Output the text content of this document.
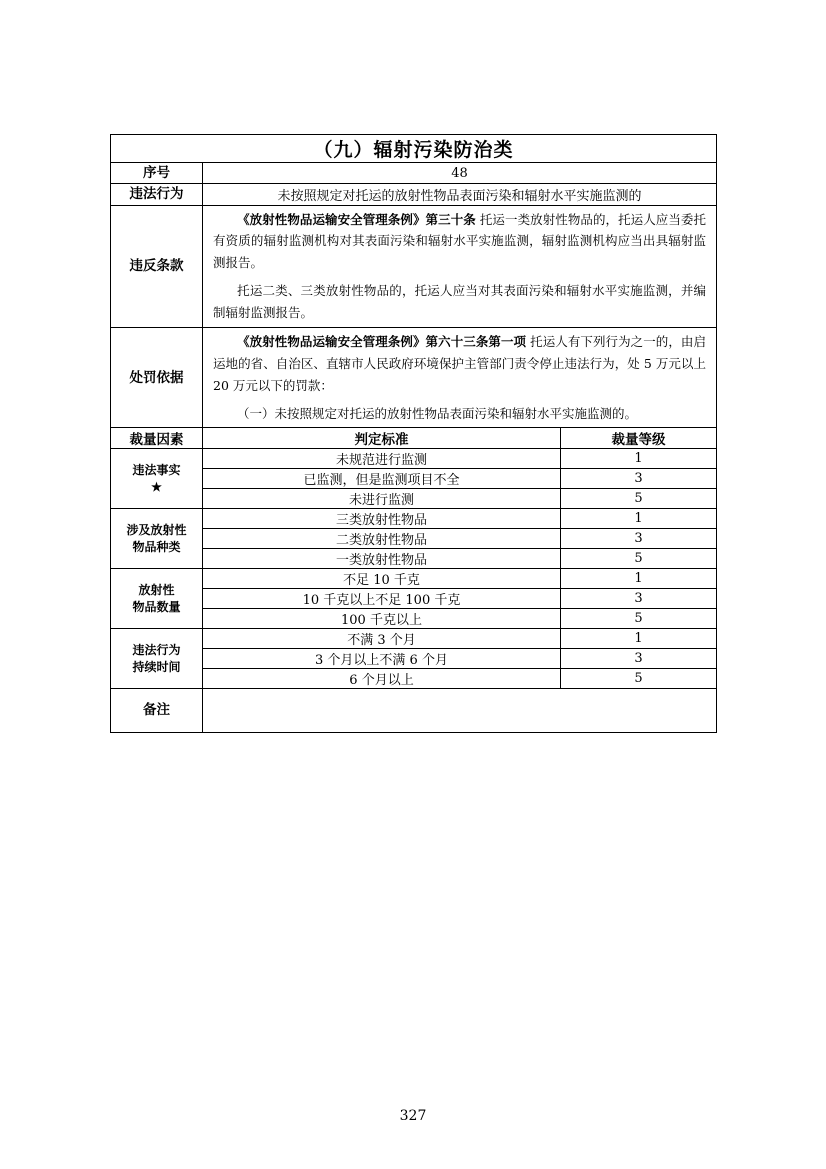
（九）辐射污染防治类		
序号	48	
违法行为	未按照规定对托运的放射性物品表面污染和辐射水平实施监测的	
违反条款	《放射性物品运输安全管理条例》第三十条 托运一类放射性物品的，托运人应当委托有资质的辐射监测机构对其表面污染和辐射水平实施监测，辐射监测机构应当出具辐射监测报告。

托运二类、三类放射性物品的，托运人应当对其表面污染和辐射水平实施监测，并编制辐射监测报告。	

处罚依据	《放射性物品运输安全管理条例》第六十三条第一项 托运人有下列行为之一的，由启运地的省、自治区、直辖市人民政府环境保护主管部门责令停止违法行为，处 5 万元以上 20 万元以下的罚款：

（一）未按照规定对托运的放射性物品表面污染和辐射水平实施监测的。	

裁量因素	判定标准	裁量等级

违法事实
★	未规范进行监测	1
	已监测，但是监测项目不全	3
	未进行监测	5

涉及放射性
物品种类	三类放射性物品	1
	二类放射性物品	3
	一类放射性物品	5

放射性
物品数量	不足 10 千克	1
	10 千克以上不足 100 千克	3
	100 千克以上	5

违法行为
持续时间	不满 3 个月	1
	3 个月以上不满 6 个月	3
	6 个月以上	5
备注		
327
